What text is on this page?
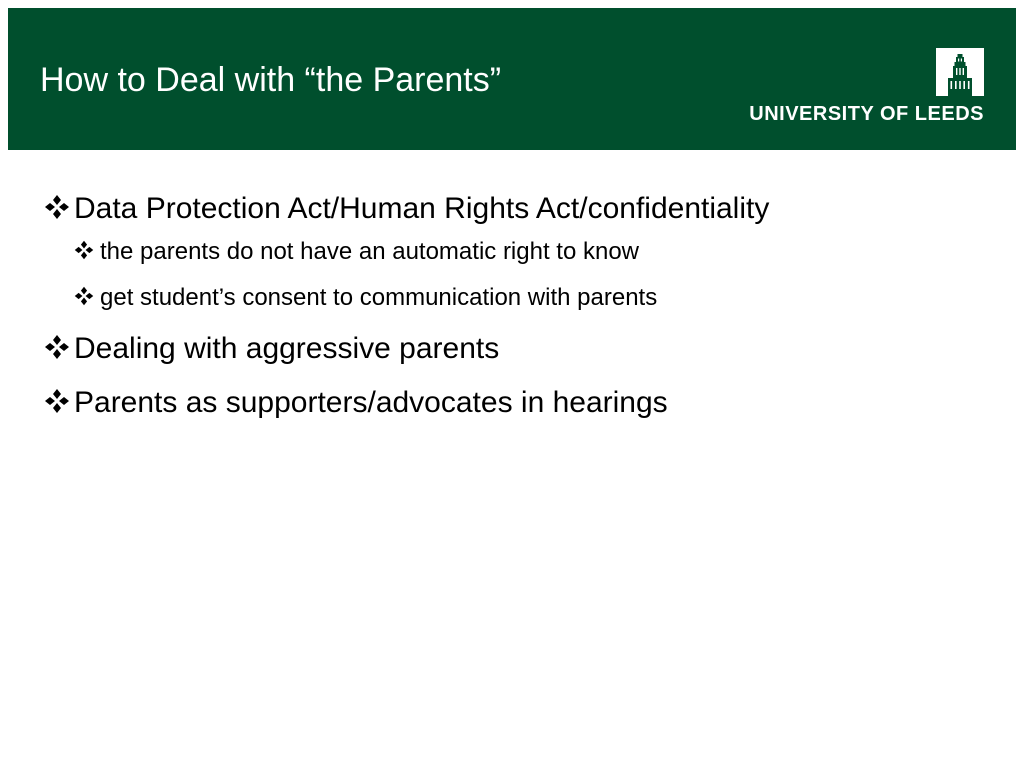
How to Deal with “the Parents”
UNIVERSITY OF LEEDS
Data Protection Act/Human Rights Act/confidentiality
the parents do not have an automatic right to know
get student’s consent to communication with parents
Dealing with aggressive parents
Parents as supporters/advocates in hearings
